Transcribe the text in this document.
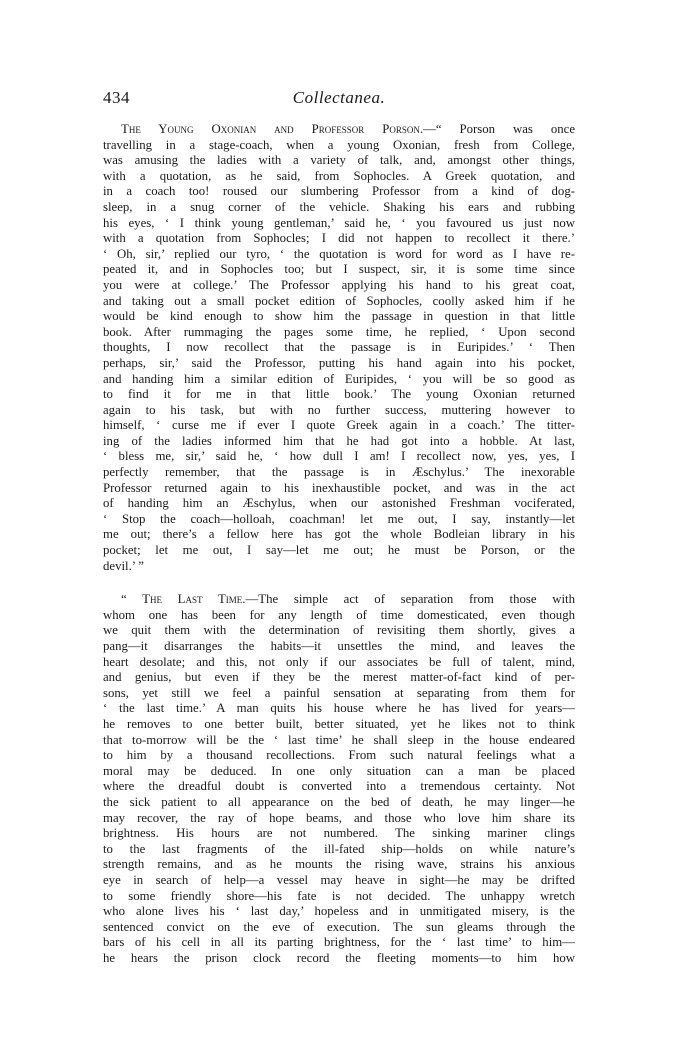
434	Collectanea.
The Young Oxonian and Professor Porson.—“ Porson was once
travelling in a stage-coach, when a young Oxonian, fresh from College,
was amusing the ladies with a variety of talk, and, amongst other things,
with a quotation, as he said, from Sophocles. A Greek quotation, and
in a coach too! roused our slumbering Professor from a kind of dog-
sleep, in a snug corner of the vehicle. Shaking his ears and rubbing
his eyes, ‘ I think young gentleman,’ said he, ‘ you favoured us just now
with a quotation from Sophocles; I did not happen to recollect it there.’
‘ Oh, sir,’ replied our tyro, ‘ the quotation is word for word as I have re-
peated it, and in Sophocles too; but I suspect, sir, it is some time since
you were at college.’ The Professor applying his hand to his great coat,
and taking out a small pocket edition of Sophocles, coolly asked him if he
would be kind enough to show him the passage in question in that little
book. After rummaging the pages some time, he replied, ‘ Upon second
thoughts, I now recollect that the passage is in Euripides.’ ‘ Then
perhaps, sir,’ said the Professor, putting his hand again into his pocket,
and handing him a similar edition of Euripides, ‘ you will be so good as
to find it for me in that little book.’ The young Oxonian returned
again to his task, but with no further success, muttering however to
himself, ‘ curse me if ever I quote Greek again in a coach.’ The titter-
ing of the ladies informed him that he had got into a hobble. At last,
‘ bless me, sir,’ said he, ‘ how dull I am! I recollect now, yes, yes, I
perfectly remember, that the passage is in Æschylus.’ The inexorable
Professor returned again to his inexhaustible pocket, and was in the act
of handing him an Æschylus, when our astonished Freshman vociferated,
‘ Stop the coach—holloah, coachman! let me out, I say, instantly—let
me out; there’s a fellow here has got the whole Bodleian library in his
pocket; let me out, I say—let me out; he must be Porson, or the
devil.’ ”
“ The Last Time.—The simple act of separation from those with
whom one has been for any length of time domesticated, even though
we quit them with the determination of revisiting them shortly, gives a
pang—it disarranges the habits—it unsettles the mind, and leaves the
heart desolate; and this, not only if our associates be full of talent, mind,
and genius, but even if they be the merest matter-of-fact kind of per-
sons, yet still we feel a painful sensation at separating from them for
‘ the last time.’ A man quits his house where he has lived for years—
he removes to one better built, better situated, yet he likes not to think
that to-morrow will be the ‘ last time’ he shall sleep in the house endeared
to him by a thousand recollections. From such natural feelings what a
moral may be deduced. In one only situation can a man be placed
where the dreadful doubt is converted into a tremendous certainty. Not
the sick patient to all appearance on the bed of death, he may linger—he
may recover, the ray of hope beams, and those who love him share its
brightness. His hours are not numbered. The sinking mariner clings
to the last fragments of the ill-fated ship—holds on while nature’s
strength remains, and as he mounts the rising wave, strains his anxious
eye in search of help—a vessel may heave in sight—he may be drifted
to some friendly shore—his fate is not decided. The unhappy wretch
who alone lives his ‘ last day,’ hopeless and in unmitigated misery, is the
sentenced convict on the eve of execution. The sun gleams through the
bars of his cell in all its parting brightness, for the ‘ last time’ to him—
he hears the prison clock record the fleeting moments—to him how
